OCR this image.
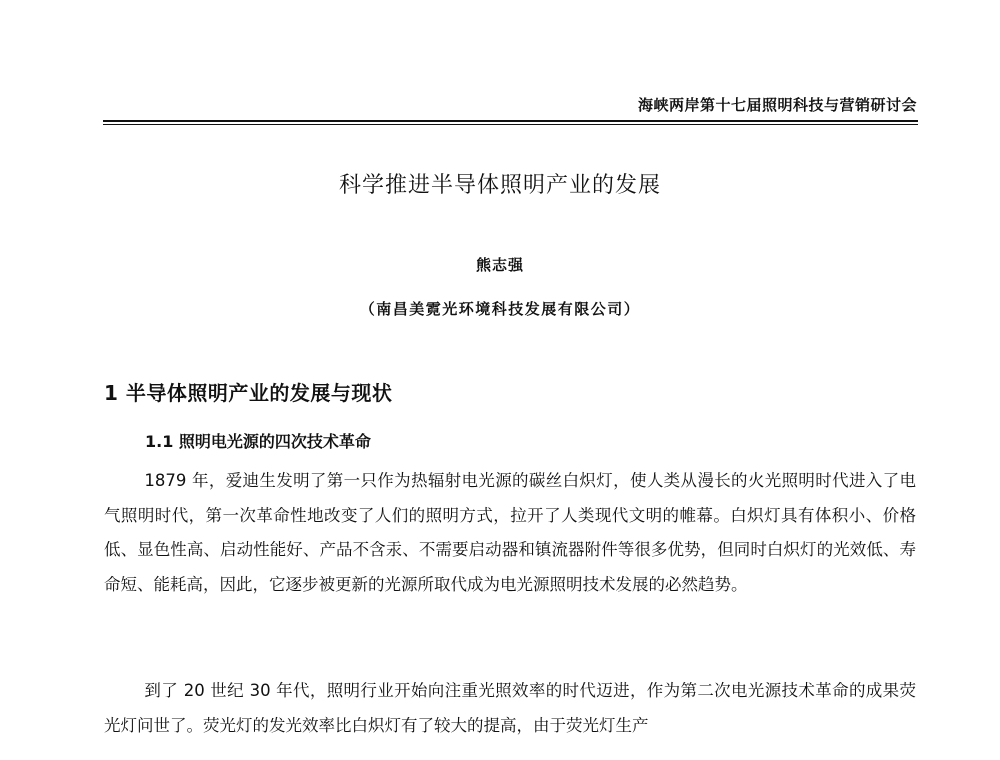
海峡两岸第十七届照明科技与营销研讨会
科学推进半导体照明产业的发展
熊志强
（南昌美霓光环境科技发展有限公司）
1 半导体照明产业的发展与现状
1.1 照明电光源的四次技术革命

1879 年，爱迪生发明了第一只作为热辐射电光源的碳丝白炽灯，使人类从漫长的火光照明时代进入了电气照明时代，第一次革命性地改变了人们的照明方式，拉开了人类现代文明的帷幕。白炽灯具有体积小、价格低、显色性高、启动性能好、产品不含汞、不需要启动器和镇流器附件等很多优势，但同时白炽灯的光效低、寿命短、能耗高，因此，它逐步被更新的光源所取代成为电光源照明技术发展的必然趋势。

到了 20 世纪 30 年代，照明行业开始向注重光照效率的时代迈进，作为第二次电光源技术革命的成果荧光灯问世了。荧光灯的发光效率比白炽灯有了较大的提高，由于荧光灯生产
